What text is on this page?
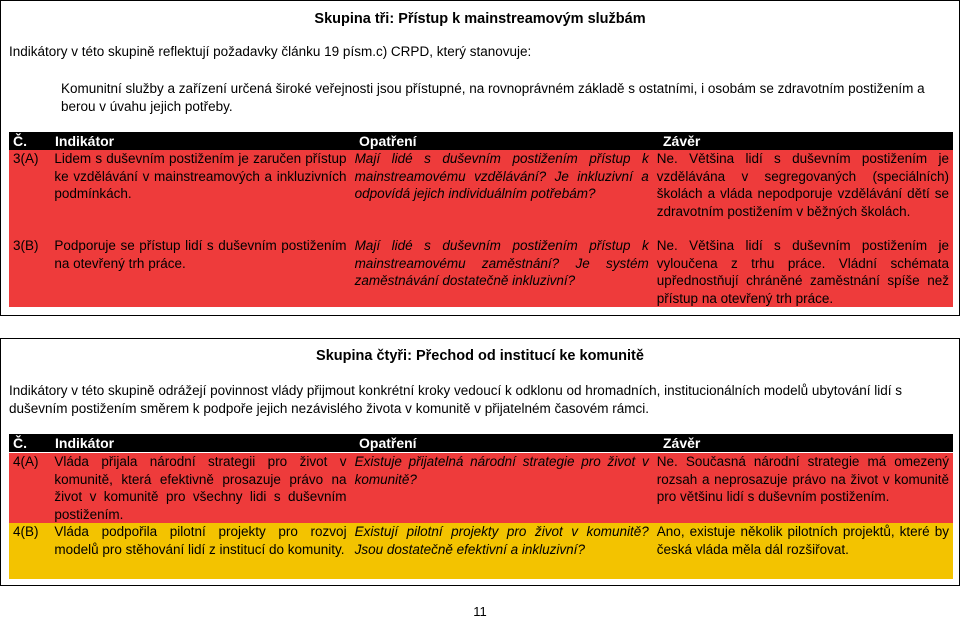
Skupina tři: Přístup k mainstreamovým službám
Indikátory v této skupině reflektují požadavky článku 19 písm.c) CRPD, který stanovuje:
Komunitní služby a zařízení určená široké veřejnosti jsou přístupné, na rovnoprávném základě s ostatními, i osobám se zdravotním postižením a berou v úvahu jejich potřeby.
Č. Indikátor	Opatření	Závěr
3(A)	Lidem s duševním postižením je zaručen přístup ke vzdělávání v mainstreamových a inkluzivních podmínkách.	Mají lidé s duševním postižením přístup k mainstreamovému vzdělávání? Je inkluzivní a odpovídá jejich individuálním potřebám?	Ne. Většina lidí s duševním postižením je vzdělávána v segregovaných (speciálních) školách a vláda nepodporuje vzdělávání dětí se zdravotním postižením v běžných školách.
3(B)	Podporuje se přístup lidí s duševním postižením na otevřený trh práce.	Mají lidé s duševním postižením přístup k mainstreamovému zaměstnání? Je systém zaměstnávání dostatečně inkluzivní?	Ne. Většina lidí s duševním postižením je vyloučena z trhu práce. Vládní schémata upřednostňují chráněné zaměstnání spíše než přístup na otevřený trh práce.
Skupina čtyři: Přechod od institucí ke komunitě
Indikátory v této skupině odrážejí povinnost vlády přijmout konkrétní kroky vedoucí k odklonu od hromadních, institucionálních modelů ubytování lidí s duševním postižením směrem k podpoře jejich nezávislého života v komunitě v přijatelném časovém rámci.
Č. Indikátor	Opatření	Závěr
4(A)	Vláda přijala národní strategii pro život v komunitě, která efektivně prosazuje právo na život v komunitě pro všechny lidi s duševním postižením.	Existuje přijatelná národní strategie pro život v komunitě?	Ne. Současná národní strategie má omezený rozsah a neprosazuje právo na život v komunitě pro většinu lidí s duševním postižením.
4(B)	Vláda podpořila pilotní projekty pro rozvoj modelů pro stěhování lidí z institucí do komunity.	Existují pilotní projekty pro život v komunitě? Jsou dostatečně efektivní a inkluzivní?	Ano, existuje několik pilotních projektů, které by česká vláda měla dál rozšiřovat.
11
